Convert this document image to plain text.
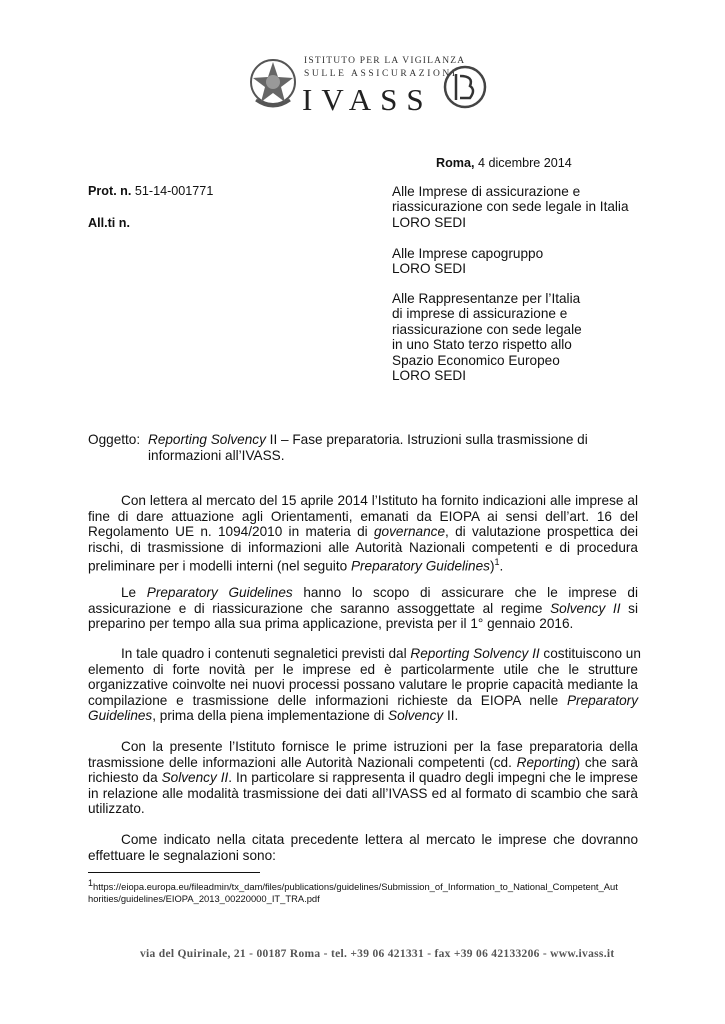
ISTITUTO PER LA VIGILANZA
SULLE ASSICURAZIONI
IVASS
Roma, 4 dicembre 2014
Prot. n. 51-14-001771
All.ti n.
Alle Imprese di assicurazione e
riassicurazione con sede legale in Italia
LORO SEDI
Alle Imprese capogruppo
LORO SEDI
Alle Rappresentanze per l’Italia
di imprese di assicurazione e
riassicurazione con sede legale
in uno Stato terzo rispetto allo
Spazio Economico Europeo
LORO SEDI
Oggetto: Reporting Solvency II – Fase preparatoria. Istruzioni sulla trasmissione di
informazioni all’IVASS.
Con lettera al mercato del 15 aprile 2014 l’Istituto ha fornito indicazioni alle imprese al
fine di dare attuazione agli Orientamenti, emanati da EIOPA ai sensi dell’art. 16 del
Regolamento UE n. 1094/2010 in materia di governance, di valutazione prospettica dei
rischi, di trasmissione di informazioni alle Autorità Nazionali competenti e di procedura
preliminare per i modelli interni (nel seguito Preparatory Guidelines)$^1$.
Le Preparatory Guidelines hanno lo scopo di assicurare che le imprese di
assicurazione e di riassicurazione che saranno assoggettate al regime Solvency II si
preparino per tempo alla sua prima applicazione, prevista per il 1° gennaio 2016.
In tale quadro i contenuti segnaletici previsti dal Reporting Solvency II costituiscono un
elemento di forte novità per le imprese ed è particolarmente utile che le strutture
organizzative coinvolte nei nuovi processi possano valutare le proprie capacità mediante la
compilazione e trasmissione delle informazioni richieste da EIOPA nelle Preparatory
Guidelines, prima della piena implementazione di Solvency II.
Con la presente l’Istituto fornisce le prime istruzioni per la fase preparatoria della
trasmissione delle informazioni alle Autorità Nazionali competenti (cd. Reporting) che sarà
richiesto da Solvency II. In particolare si rappresenta il quadro degli impegni che le imprese
in relazione alle modalità trasmissione dei dati all’IVASS ed al formato di scambio che sarà
utilizzato.
Come indicato nella citata precedente lettera al mercato le imprese che dovranno
effettuare le segnalazioni sono:
$^1$https://eiopa.europa.eu/fileadmin/tx_dam/files/publications/guidelines/Submission_of_Information_to_National_Competent_Aut
horities/guidelines/EIOPA_2013_00220000_IT_TRA.pdf
via del Quirinale, 21 - 00187 Roma - tel. +39 06 421331 - fax +39 06 42133206 - www.ivass.it
